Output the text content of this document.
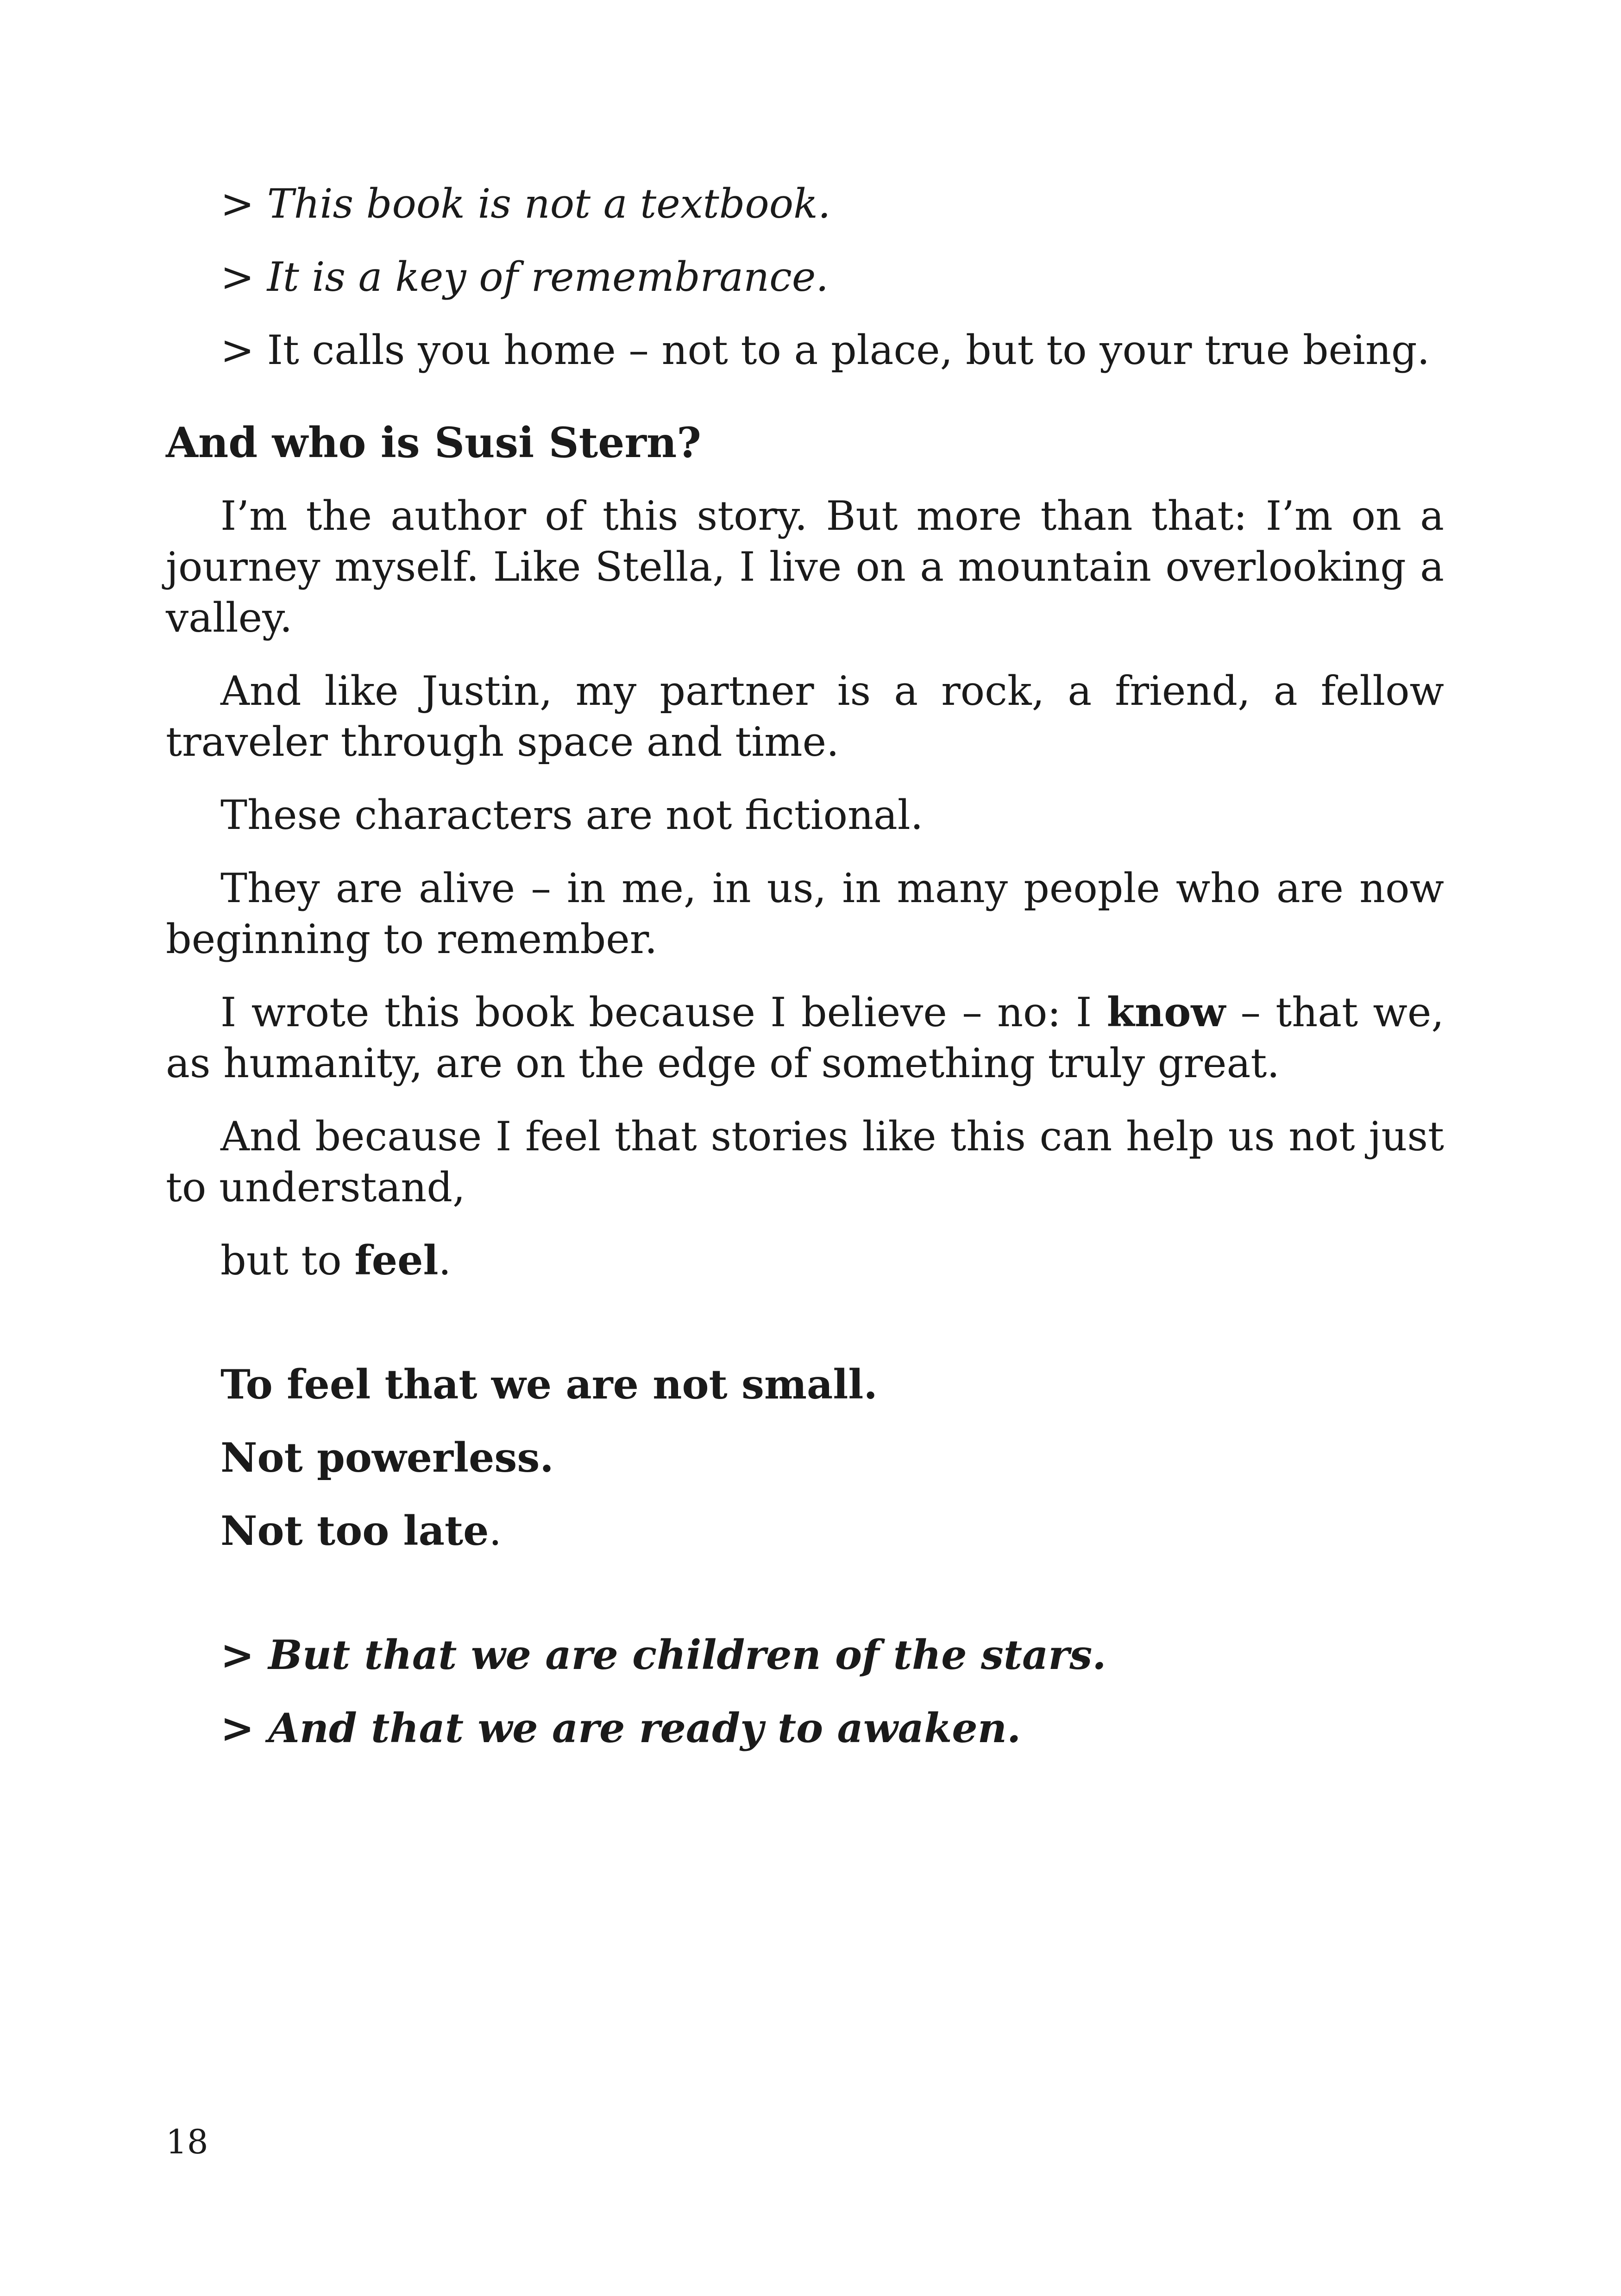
> This book is not a textbook.

> It is a key of remembrance.

> It calls you home – not to a place, but to your true being.

And who is Susi Stern?

I’m the author of this story. But more than that: I’m on a journey myself. Like Stella, I live on a mountain overlooking a valley.

And like Justin, my partner is a rock, a friend, a fellow traveler through space and time.

These characters are not fictional.

They are alive – in me, in us, in many people who are now beginning to remember.

I wrote this book because I believe – no: I know – that we, as humanity, are on the edge of something truly great.

And because I feel that stories like this can help us not just to understand,

but to feel.

To feel that we are not small.

Not powerless.

Not too late.

> But that we are children of the stars.

> And that we are ready to awaken.

18
